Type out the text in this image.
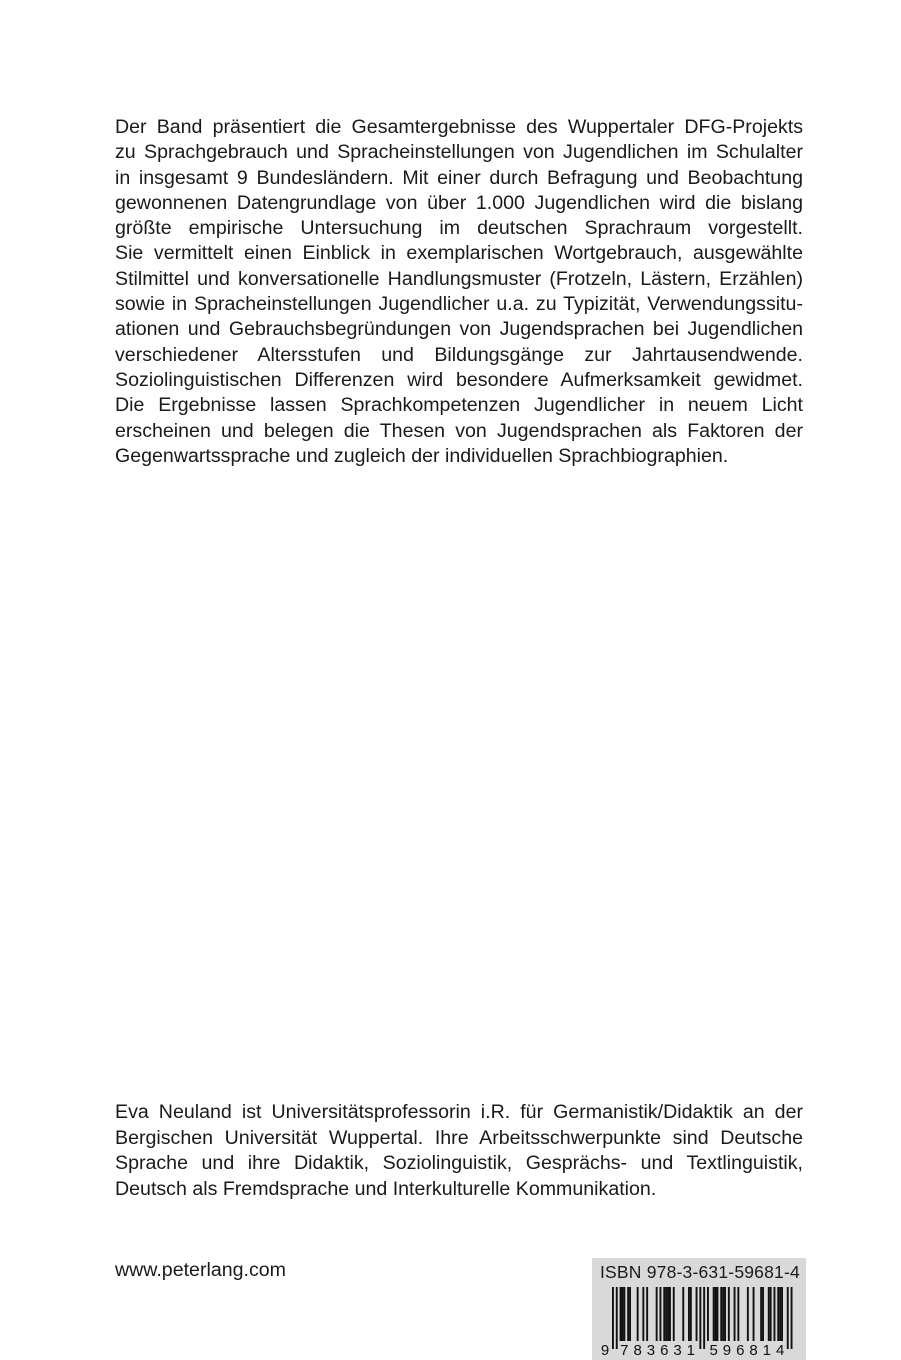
Der Band präsentiert die Gesamtergebnisse des Wuppertaler DFG-Projekts
zu Sprachgebrauch und Spracheinstellungen von Jugendlichen im Schulalter
in insgesamt 9 Bundesländern. Mit einer durch Befragung und Beobachtung
gewonnenen Datengrundlage von über 1.000 Jugendlichen wird die bislang
größte empirische Untersuchung im deutschen Sprachraum vorgestellt.
Sie vermittelt einen Einblick in exemplarischen Wortgebrauch, ausgewählte
Stilmittel und konversationelle Handlungsmuster (Frotzeln, Lästern, Erzählen)
sowie in Spracheinstellungen Jugendlicher u.a. zu Typizität, Verwendungssitu-
ationen und Gebrauchsbegründungen von Jugendsprachen bei Jugendlichen
verschiedener Altersstufen und Bildungsgänge zur Jahrtausendwende.
Soziolinguistischen Differenzen wird besondere Aufmerksamkeit gewidmet.
Die Ergebnisse lassen Sprachkompetenzen Jugendlicher in neuem Licht
erscheinen und belegen die Thesen von Jugendsprachen als Faktoren der
Gegenwartssprache und zugleich der individuellen Sprachbiographien.
Eva Neuland ist Universitätsprofessorin i.R. für Germanistik/Didaktik an der
Bergischen Universität Wuppertal. Ihre Arbeitsschwerpunkte sind Deutsche
Sprache und ihre Didaktik, Soziolinguistik, Gesprächs- und Textlinguistik,
Deutsch als Fremdsprache und Interkulturelle Kommunikation.
www.peterlang.com	ISBN 978-3-631-59681-4
9 7 8 3 6 3 1 5 9 6 8 1 4
